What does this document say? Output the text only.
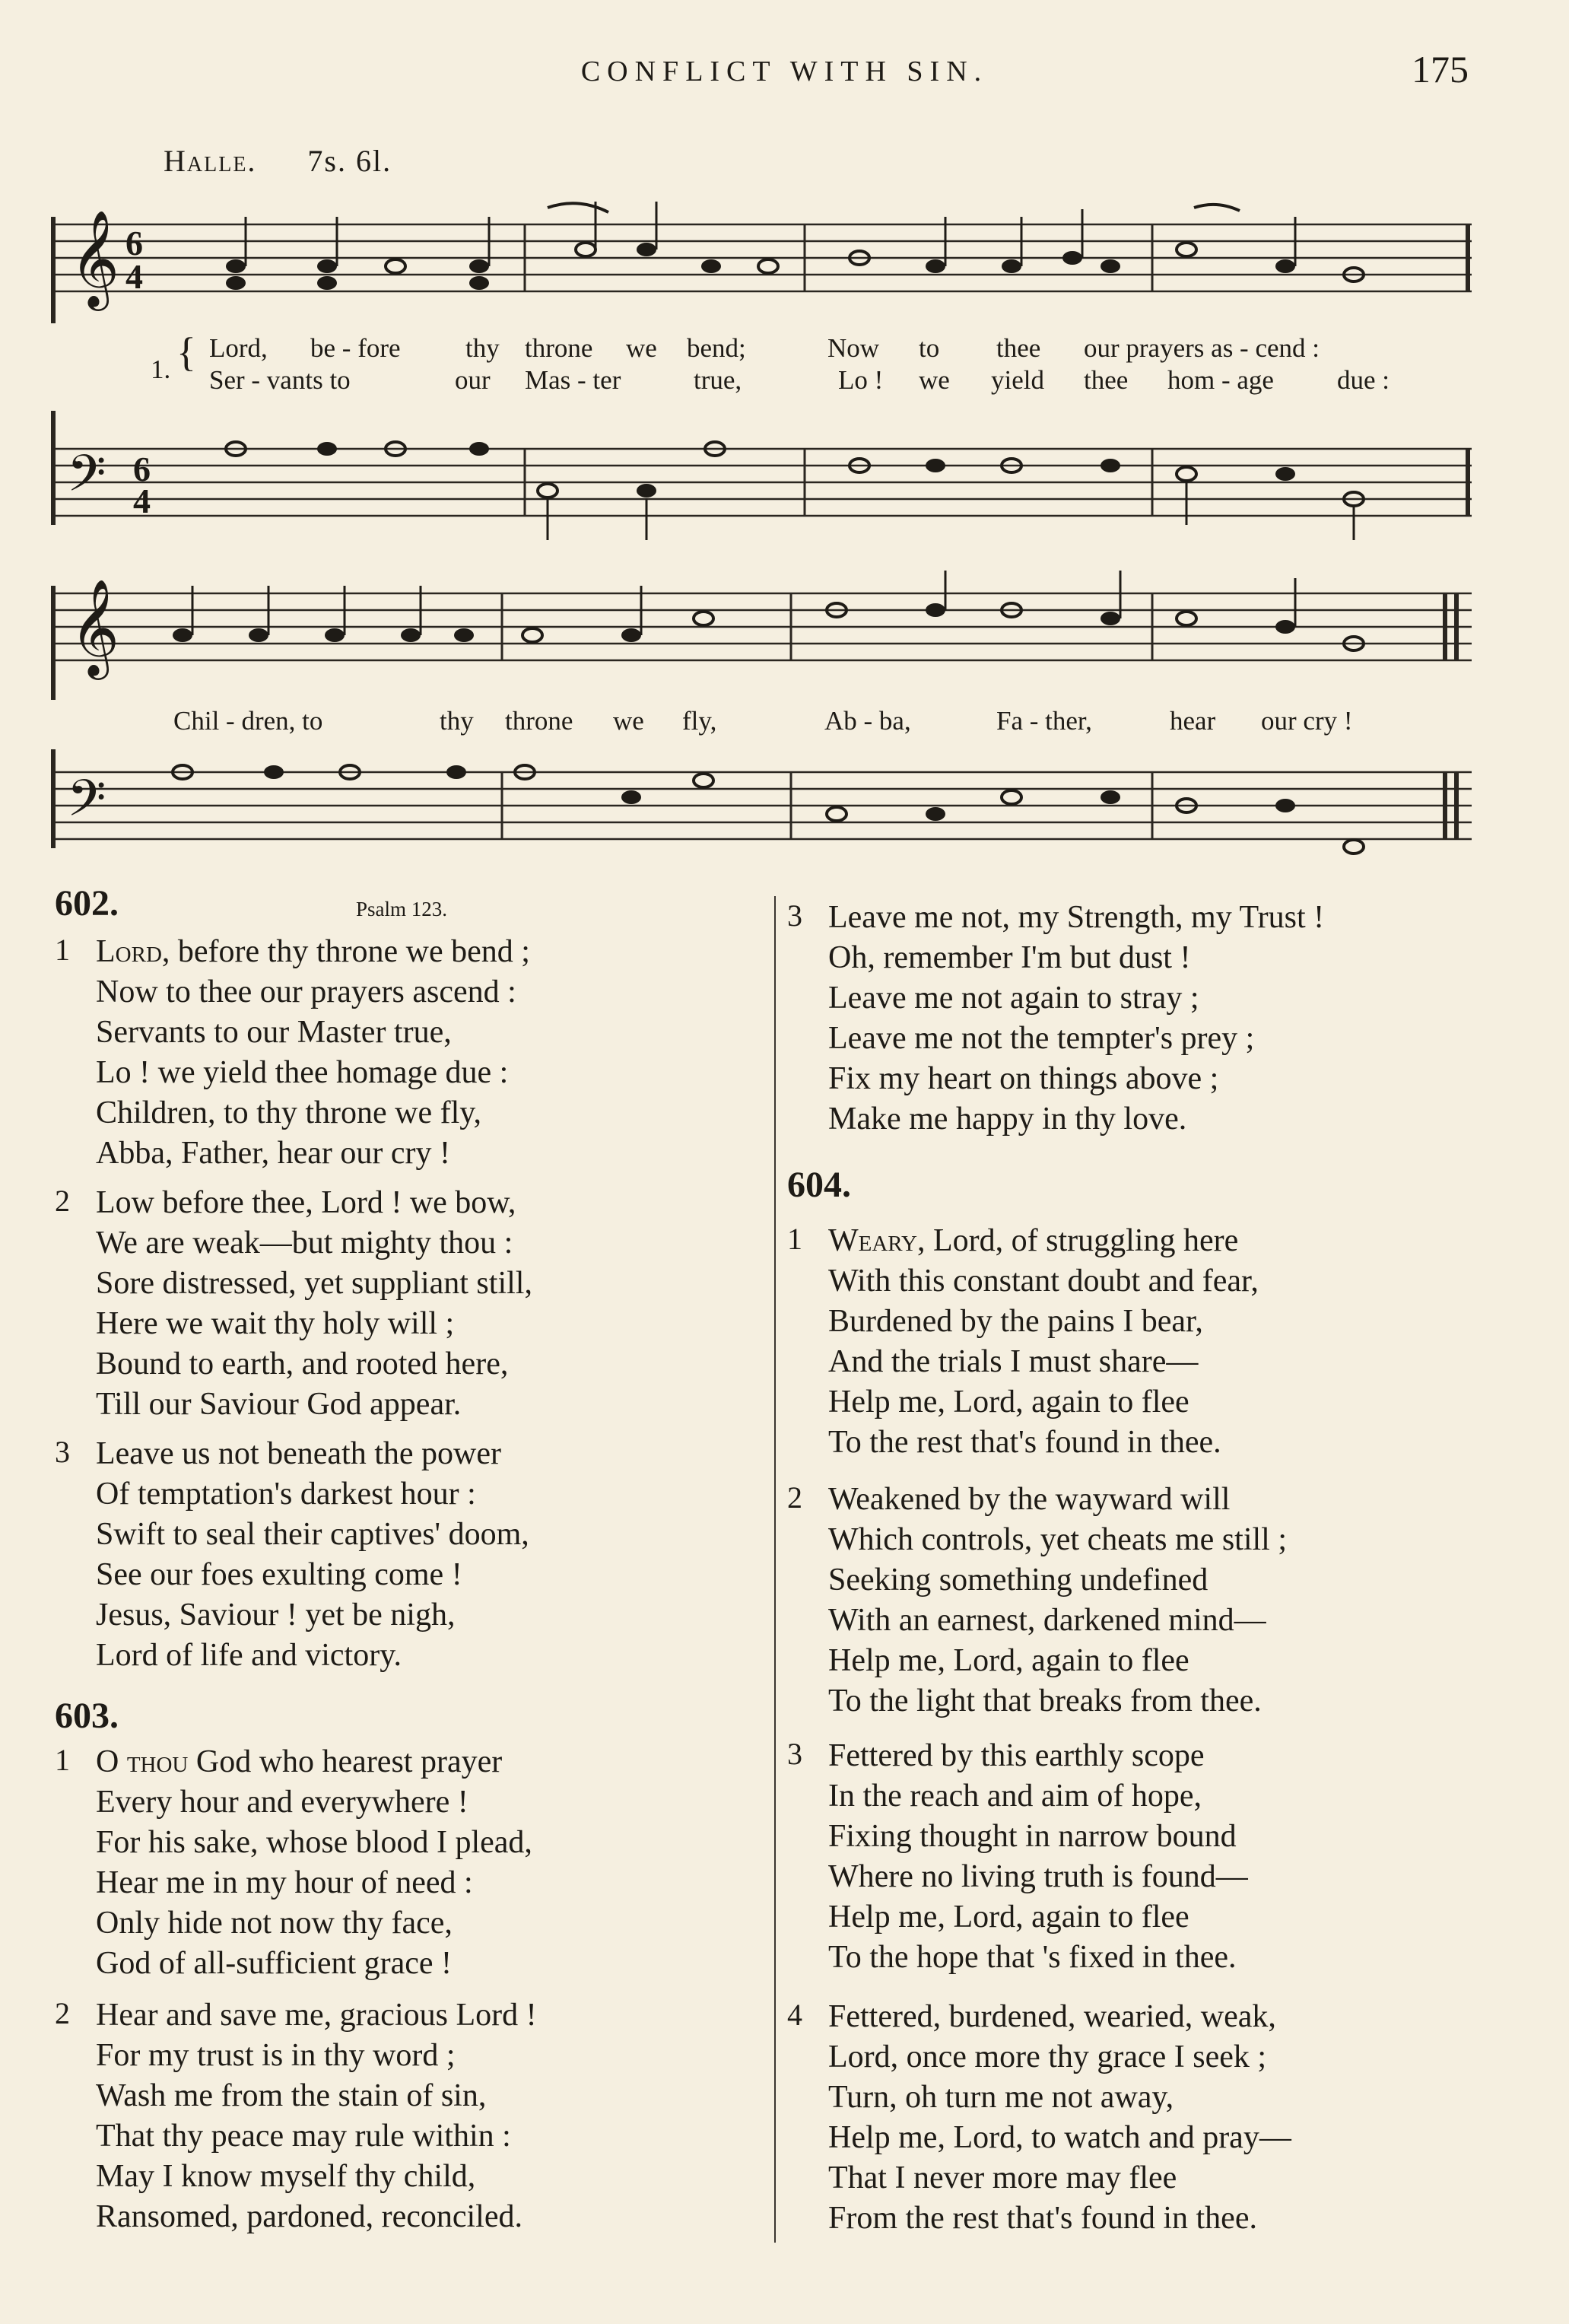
CONFLICT WITH SIN.	175
Halle. 7s. 6l.
𝄞 6
4
{
1.
Lord, be - fore thy throne we bend;	Now to thee our prayers as - cend :
Ser - vants to	our Mas - ter	true,	Lo ! we yield thee hom - age due :
𝄢 6
4
𝄞
Chil - dren, to	thy throne we fly,	Ab - ba,	Fa - ther,	hear our cry !
𝄢
602.	Psalm 123.
1 Lord, before thy throne we bend ;
Now to thee our prayers ascend :
Servants to our Master true,
Lo ! we yield thee homage due :
Children, to thy throne we fly,
Abba, Father, hear our cry !
2 Low before thee, Lord ! we bow,
We are weak—but mighty thou :
Sore distressed, yet suppliant still,
Here we wait thy holy will ;
Bound to earth, and rooted here,
Till our Saviour God appear.
3 Leave us not beneath the power
Of temptation's darkest hour :
Swift to seal their captives' doom,
See our foes exulting come !
Jesus, Saviour ! yet be nigh,
Lord of life and victory.
603.
1 O thou God who hearest prayer
Every hour and everywhere !
For his sake, whose blood I plead,
Hear me in my hour of need :
Only hide not now thy face,
God of all-sufficient grace !
2 Hear and save me, gracious Lord !
For my trust is in thy word ;
Wash me from the stain of sin,
That thy peace may rule within :
May I know myself thy child,
Ransomed, pardoned, reconciled.
3 Leave me not, my Strength, my Trust !
Oh, remember I'm but dust !
Leave me not again to stray ;
Leave me not the tempter's prey ;
Fix my heart on things above ;
Make me happy in thy love.
604.
1 Weary, Lord, of struggling here
With this constant doubt and fear,
Burdened by the pains I bear,
And the trials I must share—
Help me, Lord, again to flee
To the rest that's found in thee.
2 Weakened by the wayward will
Which controls, yet cheats me still ;
Seeking something undefined
With an earnest, darkened mind—
Help me, Lord, again to flee
To the light that breaks from thee.
3 Fettered by this earthly scope
In the reach and aim of hope,
Fixing thought in narrow bound
Where no living truth is found—
Help me, Lord, again to flee
To the hope that 's fixed in thee.
4 Fettered, burdened, wearied, weak,
Lord, once more thy grace I seek ;
Turn, oh turn me not away,
Help me, Lord, to watch and pray—
That I never more may flee
From the rest that's found in thee.
